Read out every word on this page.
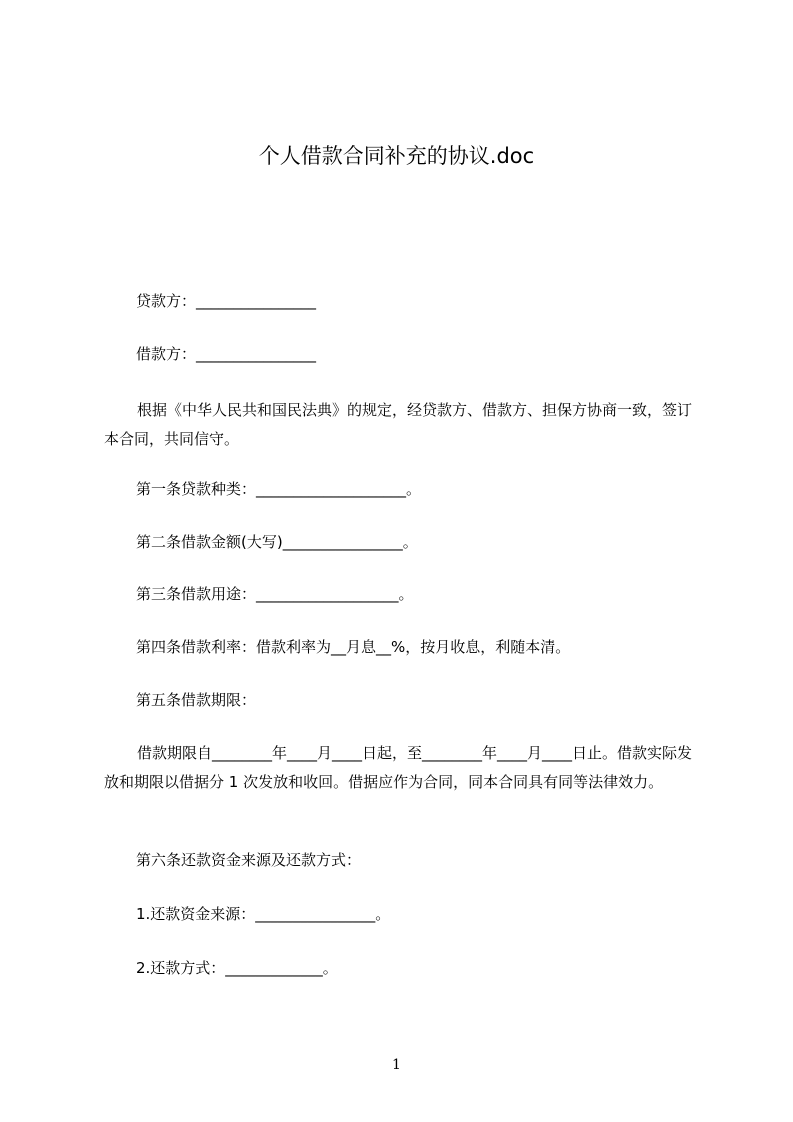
个人借款合同补充的协议.doc
贷款方：________________
借款方：________________
根据《中华人民共和国民法典》的规定，经贷款方、借款方、担保方协商一致，签订本合同，共同信守。
第一条贷款种类：____________________。
第二条借款金额(大写)________________。
第三条借款用途：___________________。
第四条借款利率：借款利率为__月息__%，按月收息，利随本清。
第五条借款期限：
借款期限自________年____月____日起，至________年____月____日止。借款实际发放和期限以借据分 1 次发放和收回。借据应作为合同，同本合同具有同等法律效力。
第六条还款资金来源及还款方式：
1.还款资金来源：________________。
2.还款方式：_____________。
1
